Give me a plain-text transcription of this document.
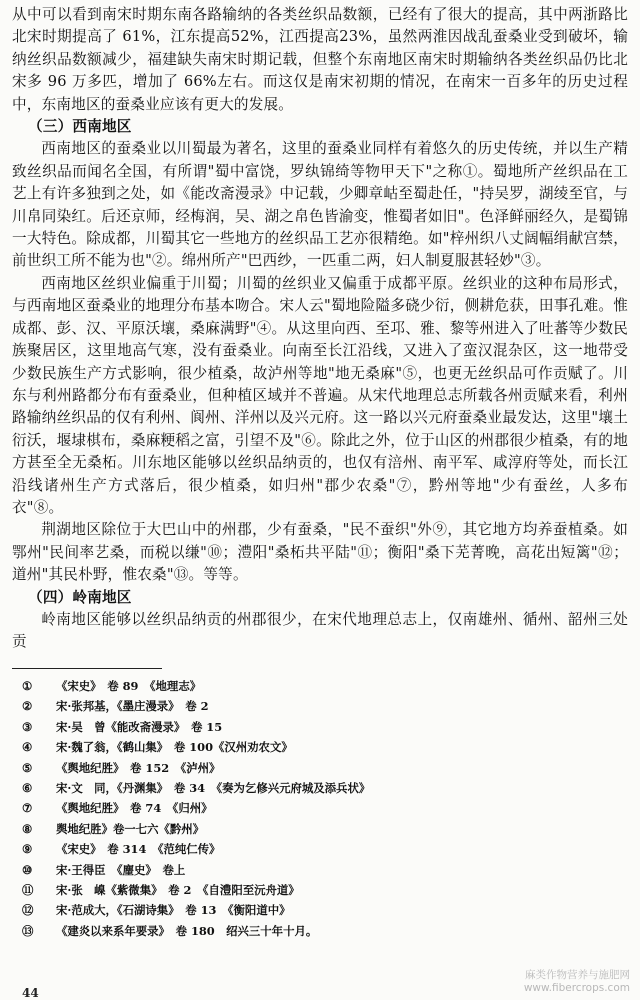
从中可以看到南宋时期东南各路输纳的各类丝织品数额，已经有了很大的提高，其中两浙路比北宋时期提高了 61%，江东提高52%，江西提高23%，虽然两淮因战乱蚕桑业受到破坏，输纳丝织品数额减少，福建缺失南宋时期记载，但整个东南地区南宋时期输纳各类丝织品仍比北宋多 96 万多匹，增加了 66%左右。而这仅是南宋初期的情况，在南宋一百多年的历史过程中，东南地区的蚕桑业应该有更大的发展。

（三）西南地区

西南地区的蚕桑业以川蜀最为著名，这里的蚕桑业同样有着悠久的历史传统，并以生产精致丝织品而闻名全国，有所谓"蜀中富饶，罗纨锦绮等物甲天下"之称①。蜀地所产丝织品在工艺上有许多独到之处，如《能改斋漫录》中记载，少卿章岵至蜀赴任，"持吴罗，湖绫至官，与川帛同染红。后还京师，经梅润，吴、湖之帛色皆渝变，惟蜀者如旧"。色泽鲜丽经久，是蜀锦一大特色。除成都，川蜀其它一些地方的丝织品工艺亦很精绝。如"梓州织八丈阔幅绢献宫禁，前世织工所不能为也"②。绵州所产"巴西纱，一匹重二两，妇人制夏服甚轻妙"③。

西南地区丝织业偏重于川蜀；川蜀的丝织业又偏重于成都平原。丝织业的这种布局形式，与西南地区蚕桑业的地理分布基本吻合。宋人云"蜀地险隘多硗少衍，侧耕危获，田事孔难。惟成都、彭、汉、平原沃壤，桑麻满野"④。从这里向西、至邛、雅、黎等州进入了吐蕃等少数民族聚居区，这里地高气寒，没有蚕桑业。向南至长江沿线，又进入了蛮汉混杂区，这一地带受少数民族生产方式影响，很少植桑，故泸州等地"地无桑麻"⑤，也更无丝织品可作贡赋了。川东与利州路都分布有蚕桑业，但种植区域并不普遍。从宋代地理总志所载各州贡赋来看，利州路输纳丝织品的仅有利州、阆州、洋州以及兴元府。这一路以兴元府蚕桑业最发达，这里"壤土衍沃，堰埭棋布，桑麻粳稻之富，引望不及"⑥。除此之外，位于山区的州郡很少植桑，有的地方甚至全无桑柘。川东地区能够以丝织品纳贡的，也仅有涪州、南平军、咸淳府等处，而长江沿线诸州生产方式落后，很少植桑，如归州"郡少农桑"⑦，黔州等地"少有蚕丝，人多布衣"⑧。

荆湖地区除位于大巴山中的州郡，少有蚕桑，"民不蚕织"外⑨，其它地方均养蚕植桑。如鄂州"民间率艺桑，而税以缣"⑩；澧阳"桑柘共平陆"⑪；衡阳"桑下芜菁晚，高花出短篱"⑫；道州"其民朴野，惟农桑"⑬。等等。

（四）岭南地区

岭南地区能够以丝织品纳贡的州郡很少，在宋代地理总志上，仅南雄州、循州、韶州三处贡

①	《宋史》　卷 89　《地理志》
②	宋·张邦基，《墨庄漫录》　卷 2
③	宋·吴　曾《能改斋漫录》　卷 15
④	宋·魏了翁，《鹤山集》　卷 100《汉州劝农文》
⑤	《舆地纪胜》　卷 152　《泸州》
⑥	宋·文　同，《丹渊集》　卷 34　《奏为乞修兴元府城及添兵状》
⑦	《舆地纪胜》　卷 74　《归州》
⑧	舆地纪胜》卷一七六《黔州》
⑨	《宋史》　卷 314　《范纯仁传》
⑩	宋·王得臣　《麈史》　卷上
⑪	宋·张　嵲《紫微集》　卷 2　《自澧阳至沅舟道》
⑫	宋·范成大，《石湖诗集》　卷 13　《衡阳道中》
⑬	《建炎以来系年要录》　卷 180　绍兴三十年十月。
44
麻类作物营养与施肥网
www.fibercrops.com
